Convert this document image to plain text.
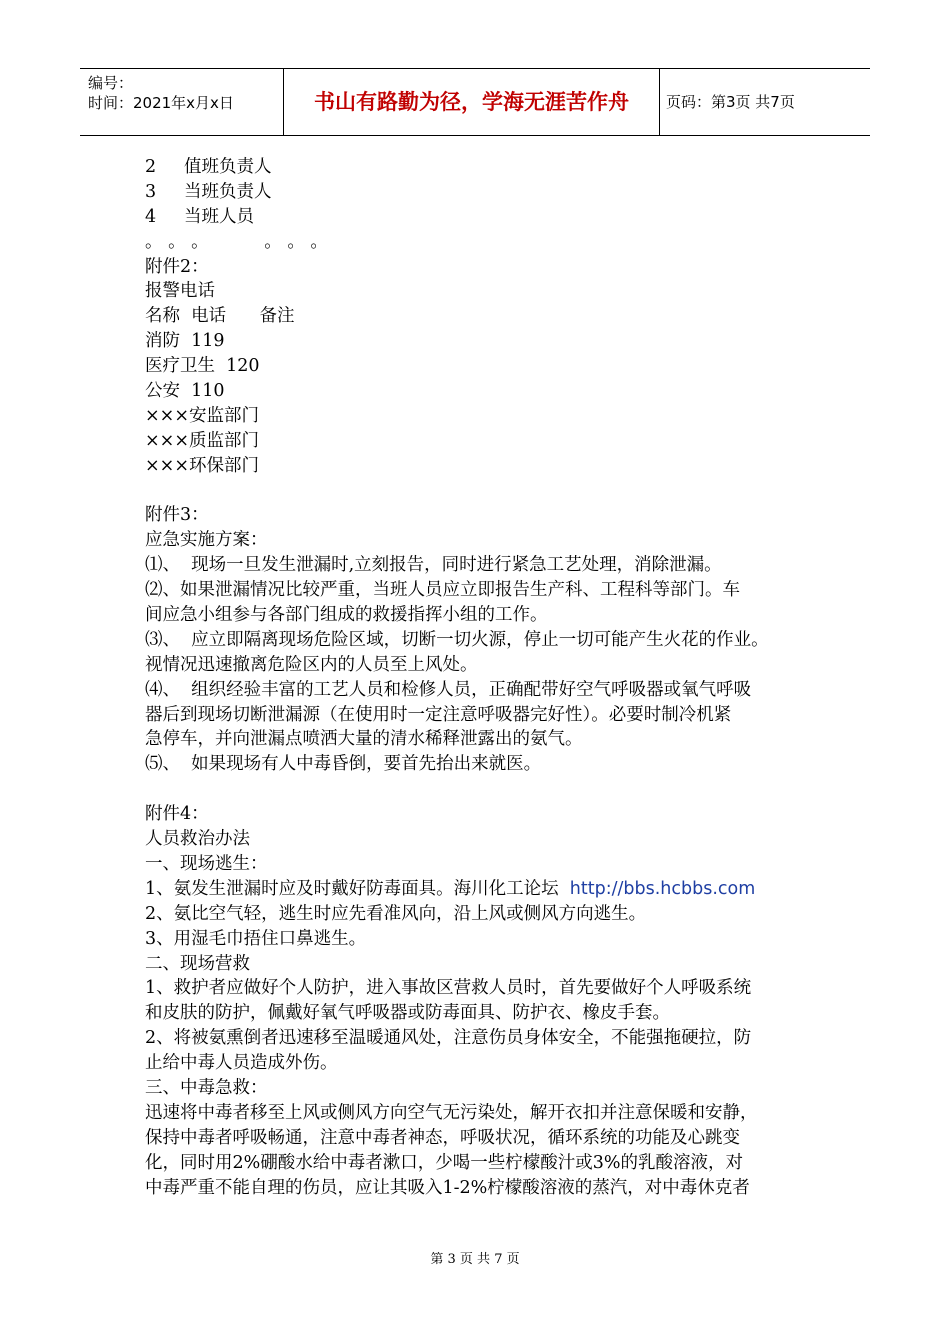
编号：
时间：2021年x月x日	书山有路勤为径，学海无涯苦作舟	页码：第3页 共7页
2     值班负责人
3     当班负责人
4     当班人员
。 。 。          。 。 。
附件2：
报警电话
名称  电话      备注
消防  119
医疗卫生  120
公安  110
×××安监部门
×××质监部门
×××环保部门
附件3：
应急实施方案：
⑴、  现场一旦发生泄漏时,立刻报告，同时进行紧急工艺处理，消除泄漏。
⑵、如果泄漏情况比较严重，当班人员应立即报告生产科、工程科等部门。车
间应急小组参与各部门组成的救援指挥小组的工作。
⑶、  应立即隔离现场危险区域，切断一切火源，停止一切可能产生火花的作业。
视情况迅速撤离危险区内的人员至上风处。
⑷、  组织经验丰富的工艺人员和检修人员，正确配带好空气呼吸器或氧气呼吸
器后到现场切断泄漏源（在使用时一定注意呼吸器完好性）。必要时制冷机紧
急停车，并向泄漏点喷洒大量的清水稀释泄露出的氨气。
⑸、  如果现场有人中毒昏倒，要首先抬出来就医。
附件4：
人员救治办法
一、现场逃生：
1、氨发生泄漏时应及时戴好防毒面具。海川化工论坛  http://bbs.hcbbs.com
2、氨比空气轻，逃生时应先看准风向，沿上风或侧风方向逃生。
3、用湿毛巾捂住口鼻逃生。
二、现场营救
1、救护者应做好个人防护，进入事故区营救人员时，首先要做好个人呼吸系统
和皮肤的防护，佩戴好氧气呼吸器或防毒面具、防护衣、橡皮手套。
2、将被氨熏倒者迅速移至温暖通风处，注意伤员身体安全，不能强拖硬拉，防
止给中毒人员造成外伤。
三、中毒急救：
迅速将中毒者移至上风或侧风方向空气无污染处，解开衣扣并注意保暖和安静，
保持中毒者呼吸畅通，注意中毒者神态，呼吸状况，循环系统的功能及心跳变
化，同时用2%硼酸水给中毒者漱口，少喝一些柠檬酸汁或3%的乳酸溶液，对
中毒严重不能自理的伤员，应让其吸入1-2%柠檬酸溶液的蒸汽，对中毒休克者
第 3 页 共 7 页
